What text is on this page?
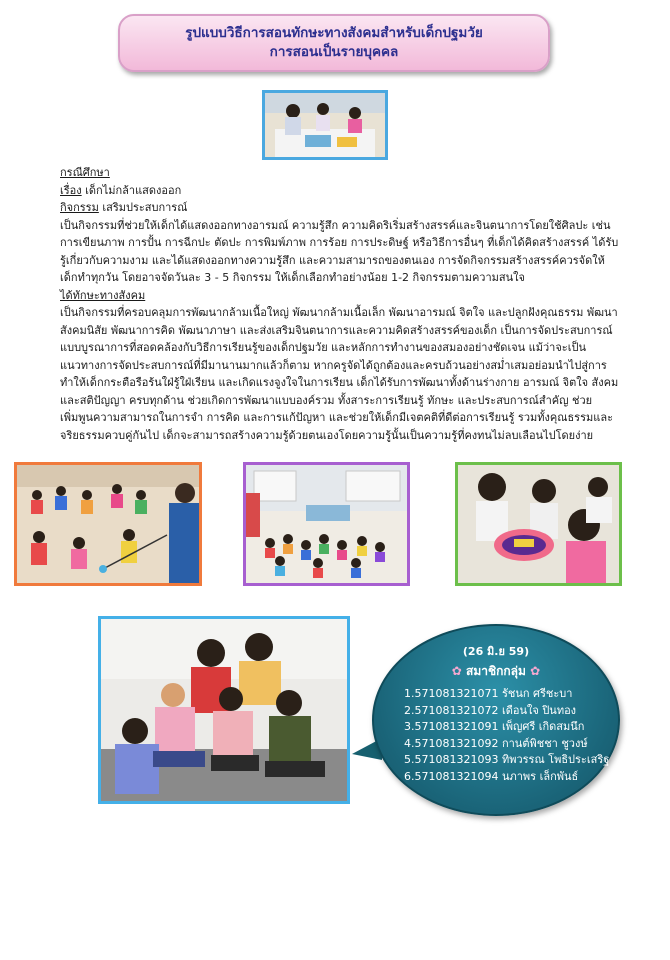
รูปแบบวิธีการสอนทักษะทางสังคมสำหรับเด็กปฐมวัย
การสอนเป็นรายบุคคล

กรณีศึกษา

เรื่อง เด็กไม่กล้าแสดงออก

กิจกรรม เสริมประสบการณ์

เป็นกิจกรรมที่ช่วยให้เด็กได้แสดงออกทางอารมณ์ ความรู้สึก ความคิดริเริ่มสร้างสรรค์และจินตนาการโดยใช้ศิลปะ เช่น การเขียนภาพ การปั้น การฉีกปะ ตัดปะ การพิมพ์ภาพ การร้อย การประดิษฐ์ หรือวิธีการอื่นๆ ที่เด็กได้คิดสร้างสรรค์ ได้รับรู้เกี่ยวกับความงาม และได้แสดงออกทางความรู้สึก และความสามารถของตนเอง การจัดกิจกรรมสร้างสรรค์ควรจัดให้เด็กทำทุกวัน โดยอาจจัดวันละ 3 - 5 กิจกรรม ให้เด็กเลือกทำอย่างน้อย 1-2 กิจกรรมตามความสนใจ

ได้ทักษะทางสังคม

เป็นกิจกรรมที่ครอบคลุมการพัฒนากล้ามเนื้อใหญ่ พัฒนากล้ามเนื้อเล็ก พัฒนาอารมณ์ จิตใจ และปลูกฝังคุณธรรม พัฒนาสังคมนิสัย พัฒนาการคิด พัฒนาภาษา และส่งเสริมจินตนาการและความคิดสร้างสรรค์ของเด็ก เป็นการจัดประสบการณ์แบบบูรณาการที่สอดคล้องกับวิธีการเรียนรู้ของเด็กปฐมวัย และหลักการทำงานของสมองอย่างชัดเจน แม้ว่าจะเป็นแนวทางการจัดประสบการณ์ที่มีมานานมากแล้วก็ตาม หากครูจัดได้ถูกต้องและครบถ้วนอย่างสม่ำเสมอย่อมนำไปสู่การทำให้เด็กกระตือรือร้นใฝ่รู้ใฝ่เรียน และเกิดแรงจูงใจในการเรียน เด็กได้รับการพัฒนาทั้งด้านร่างกาย อารมณ์ จิตใจ สังคม และสติปัญญา ครบทุกด้าน ช่วยเกิดการพัฒนาแบบองค์รวม ทั้งสาระการเรียนรู้ ทักษะ และประสบการณ์สำคัญ ช่วยเพิ่มพูนความสามารถในการจำ การคิด และการแก้ปัญหา และช่วยให้เด็กมีเจตคติที่ดีต่อการเรียนรู้ รวมทั้งคุณธรรมและจริยธรรมควบคู่กันไป เด็กจะสามารถสร้างความรู้ด้วยตนเองโดยความรู้นั้นเป็นความรู้ที่คงทนไม่ลบเลือนไปโดยง่าย

(26 มิ.ย 59)
✿ สมาชิกกลุ่ม ✿
1.571081321071 รัชนก ศรีชะบา
2.571081321072 เดือนใจ ปินทอง
3.571081321091 เพ็ญศรี เกิดสมนึก
4.571081321092 กานต์พิชชา ชูวงษ์
5.571081321093 ทิพวรรณ โพธิประเสริฐ
6.571081321094 นภาพร เล็กพันธ์
